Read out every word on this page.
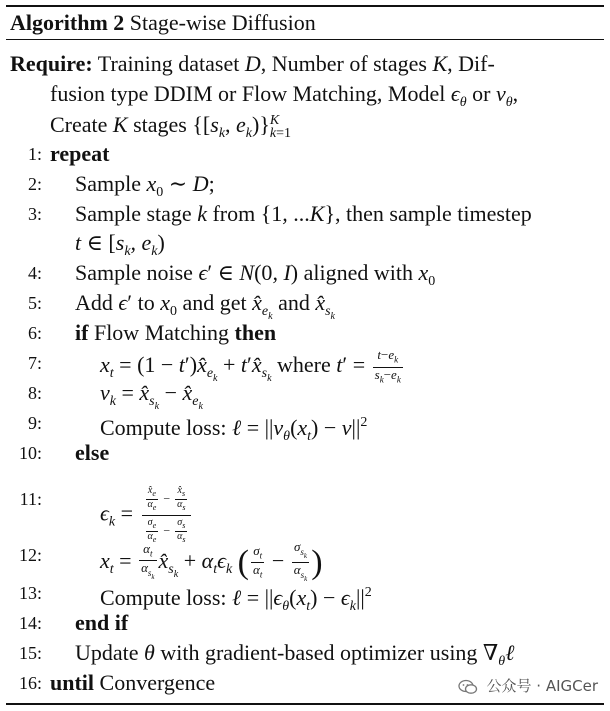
Algorithm 2 Stage-wise Diffusion
Require: Training dataset D, Number of stages K, Dif-
fusion type DDIM or Flow Matching, Model $\epsilon_\theta$ or $v_\theta$,
Create K stages {[$s_k$, $e_k$)} K
k=1
1: repeat
2: Sample $x_0$ ∼ D;
3: Sample stage k from {1, ...K}, then sample timestep
t ∈ [$s_k$, $e_k$)
4: Sample noise ϵ′ ∈ N(0, I) aligned with $x_0$
5: Add ϵ′ to $x_0$ and get $x̂_{e_k}$ and $x̂_{s_k}$
6: if Flow Matching then
7:	$x_t = (1$ − $t')x̂_{e_k}$ + $t'x̂_{s_k}$ where $t' = \frac{t-e_k}{s_k-e_k}$
8:	$v_k$ = $x̂_{s_k}$ − $x̂_{e_k}$
9:	Compute loss: ℓ = $||v_\theta(x_t) - v||^2$
10: else
11:
$\epsilon_k$ =
$\frac{x̂_e}{\alpha_e} - \frac{x̂_s}{\alpha_s}$
$\frac{\sigma_e}{\alpha_e} - \frac{\sigma_s}{\alpha_s}$
12:	$x_t = \frac{\alpha_t}{\alpha_{s_k}}$ $x̂_{s_k} + \alpha_t\epsilon_k$ ( $\frac{\sigma_t}{\alpha_t} - \frac{\sigma_{s_k}}{\alpha_{s_k}}$ )
13:	Compute loss: ℓ = $||\epsilon_\theta(x_t) - \epsilon_k||^2$
14: end if
15: Update θ with gradient-based optimizer using $\nabla_\theta\ell$
16: until Convergence	公众号 · AIGCer
